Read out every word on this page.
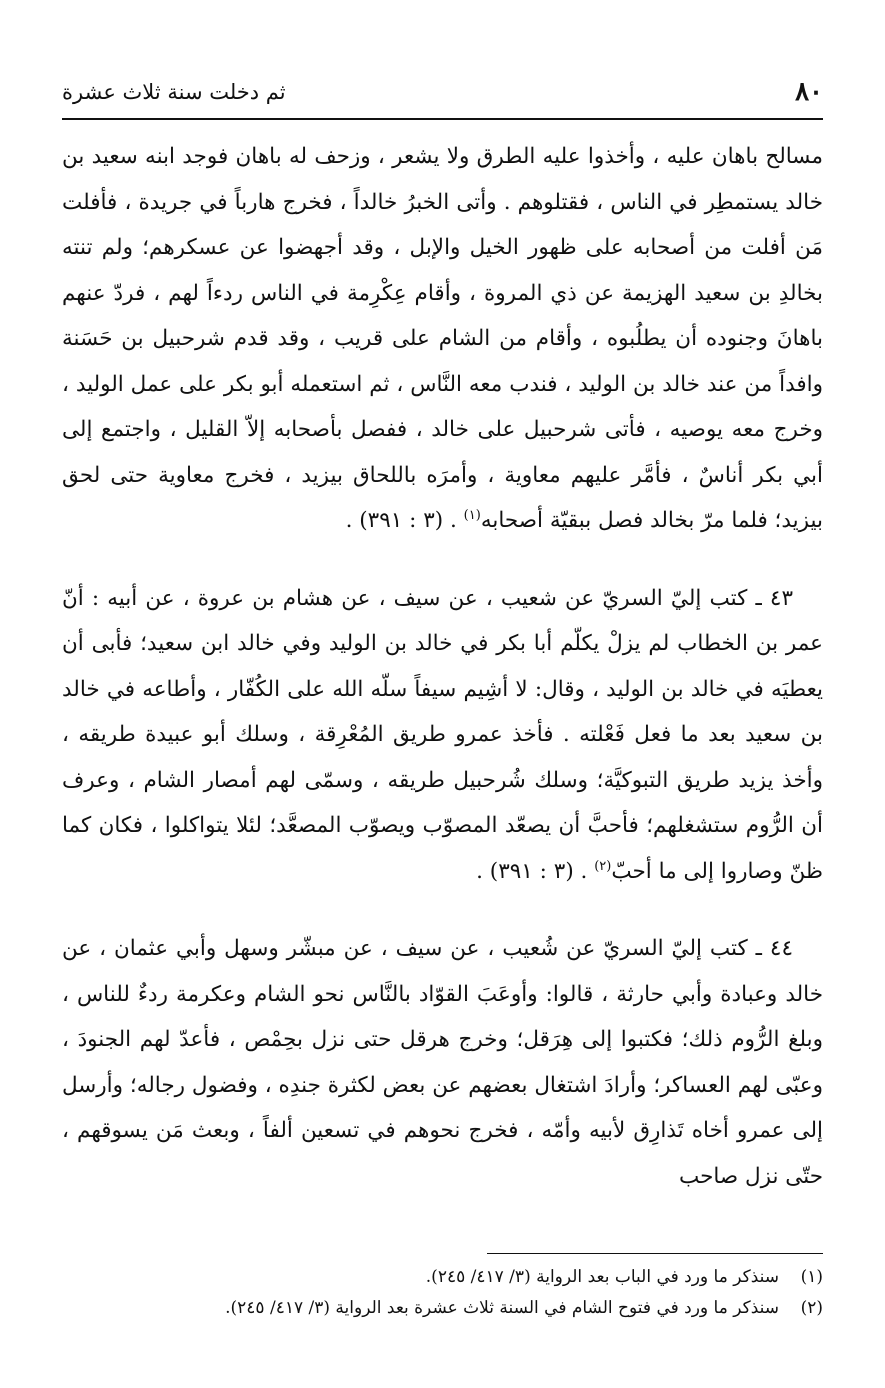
٨٠
ثم دخلت سنة ثلاث عشرة

مسالح باهان عليه ، وأخذوا عليه الطرق ولا يشعر ، وزحف له باهان فوجد ابنه سعيد بن خالد يستمطِر في الناس ، فقتلوهم . وأتى الخبرُ خالداً ، فخرج هارباً في جريدة ، فأفلت مَن أفلت من أصحابه على ظهور الخيل والإبل ، وقد أجهضوا عن عسكرهم؛ ولم تنته بخالدِ بن سعيد الهزيمة عن ذي المروة ، وأقام عِكْرِمة في الناس ردءاً لهم ، فردّ عنهم باهانَ وجنوده أن يطلُبوه ، وأقام من الشام على قريب ، وقد قدم شرحبيل بن حَسَنة وافداً من عند خالد بن الوليد ، فندب معه النَّاس ، ثم استعمله أبو بكر على عمل الوليد ، وخرج معه يوصيه ، فأتى شرحبيل على خالد ، ففصل بأصحابه إلاّ القليل ، واجتمع إلى أبي بكر أناسٌ ، فأمَّر عليهم معاوية ، وأمرَه باللحاق بيزيد ، فخرج معاوية حتى لحق بيزيد؛ فلما مرّ بخالد فصل ببقيّة أصحابه$^{(١)}$ . (٣ : ٣٩١) .

٤٣ ـ كتب إليّ السريّ عن شعيب ، عن سيف ، عن هشام بن عروة ، عن أبيه : أنّ عمر بن الخطاب لم يزلْ يكلّم أبا بكر في خالد بن الوليد وفي خالد ابن سعيد؛ فأبى أن يعطيَه في خالد بن الوليد ، وقال: لا أشِيم سيفاً سلّه الله على الكُفّار ، وأطاعه في خالد بن سعيد بعد ما فعل فَعْلته . فأخذ عمرو طريق المُعْرِقة ، وسلك أبو عبيدة طريقه ، وأخذ يزيد طريق التبوكيَّة؛ وسلك شُرحبيل طريقه ، وسمّى لهم أمصار الشام ، وعرف أن الرُّوم ستشغلهم؛ فأحبَّ أن يصعّد المصوّب ويصوّب المصعَّد؛ لئلا يتواكلوا ، فكان كما ظنّ وصاروا إلى ما أحبّ$^{(٢)}$ . (٣ : ٣٩١) .

٤٤ ـ كتب إليّ السريّ عن شُعيب ، عن سيف ، عن مبشّر وسهل وأبي عثمان ، عن خالد وعبادة وأبي حارثة ، قالوا: وأوعَبَ القوّاد بالنَّاس نحو الشام وعكرمة ردءٌ للناس ، وبلغ الرُّوم ذلك؛ فكتبوا إلى هِرَقل؛ وخرج هرقل حتى نزل بحِمْص ، فأعدّ لهم الجنودَ ، وعبّى لهم العساكر؛ وأرادَ اشتغال بعضهم عن بعض لكثرة جندِه ، وفضول رجاله؛ وأرسل إلى عمرو أخاه تَذارِق لأبيه وأمّه ، فخرج نحوهم في تسعين ألفاً ، وبعث مَن يسوقهم ، حتّى نزل صاحب

(١)
سنذكر ما ورد في الباب بعد الرواية (٣/ ٤١٧/ ٢٤٥).
(٢)
سنذكر ما ورد في فتوح الشام في السنة ثلاث عشرة بعد الرواية (٣/ ٤١٧/ ٢٤٥).
